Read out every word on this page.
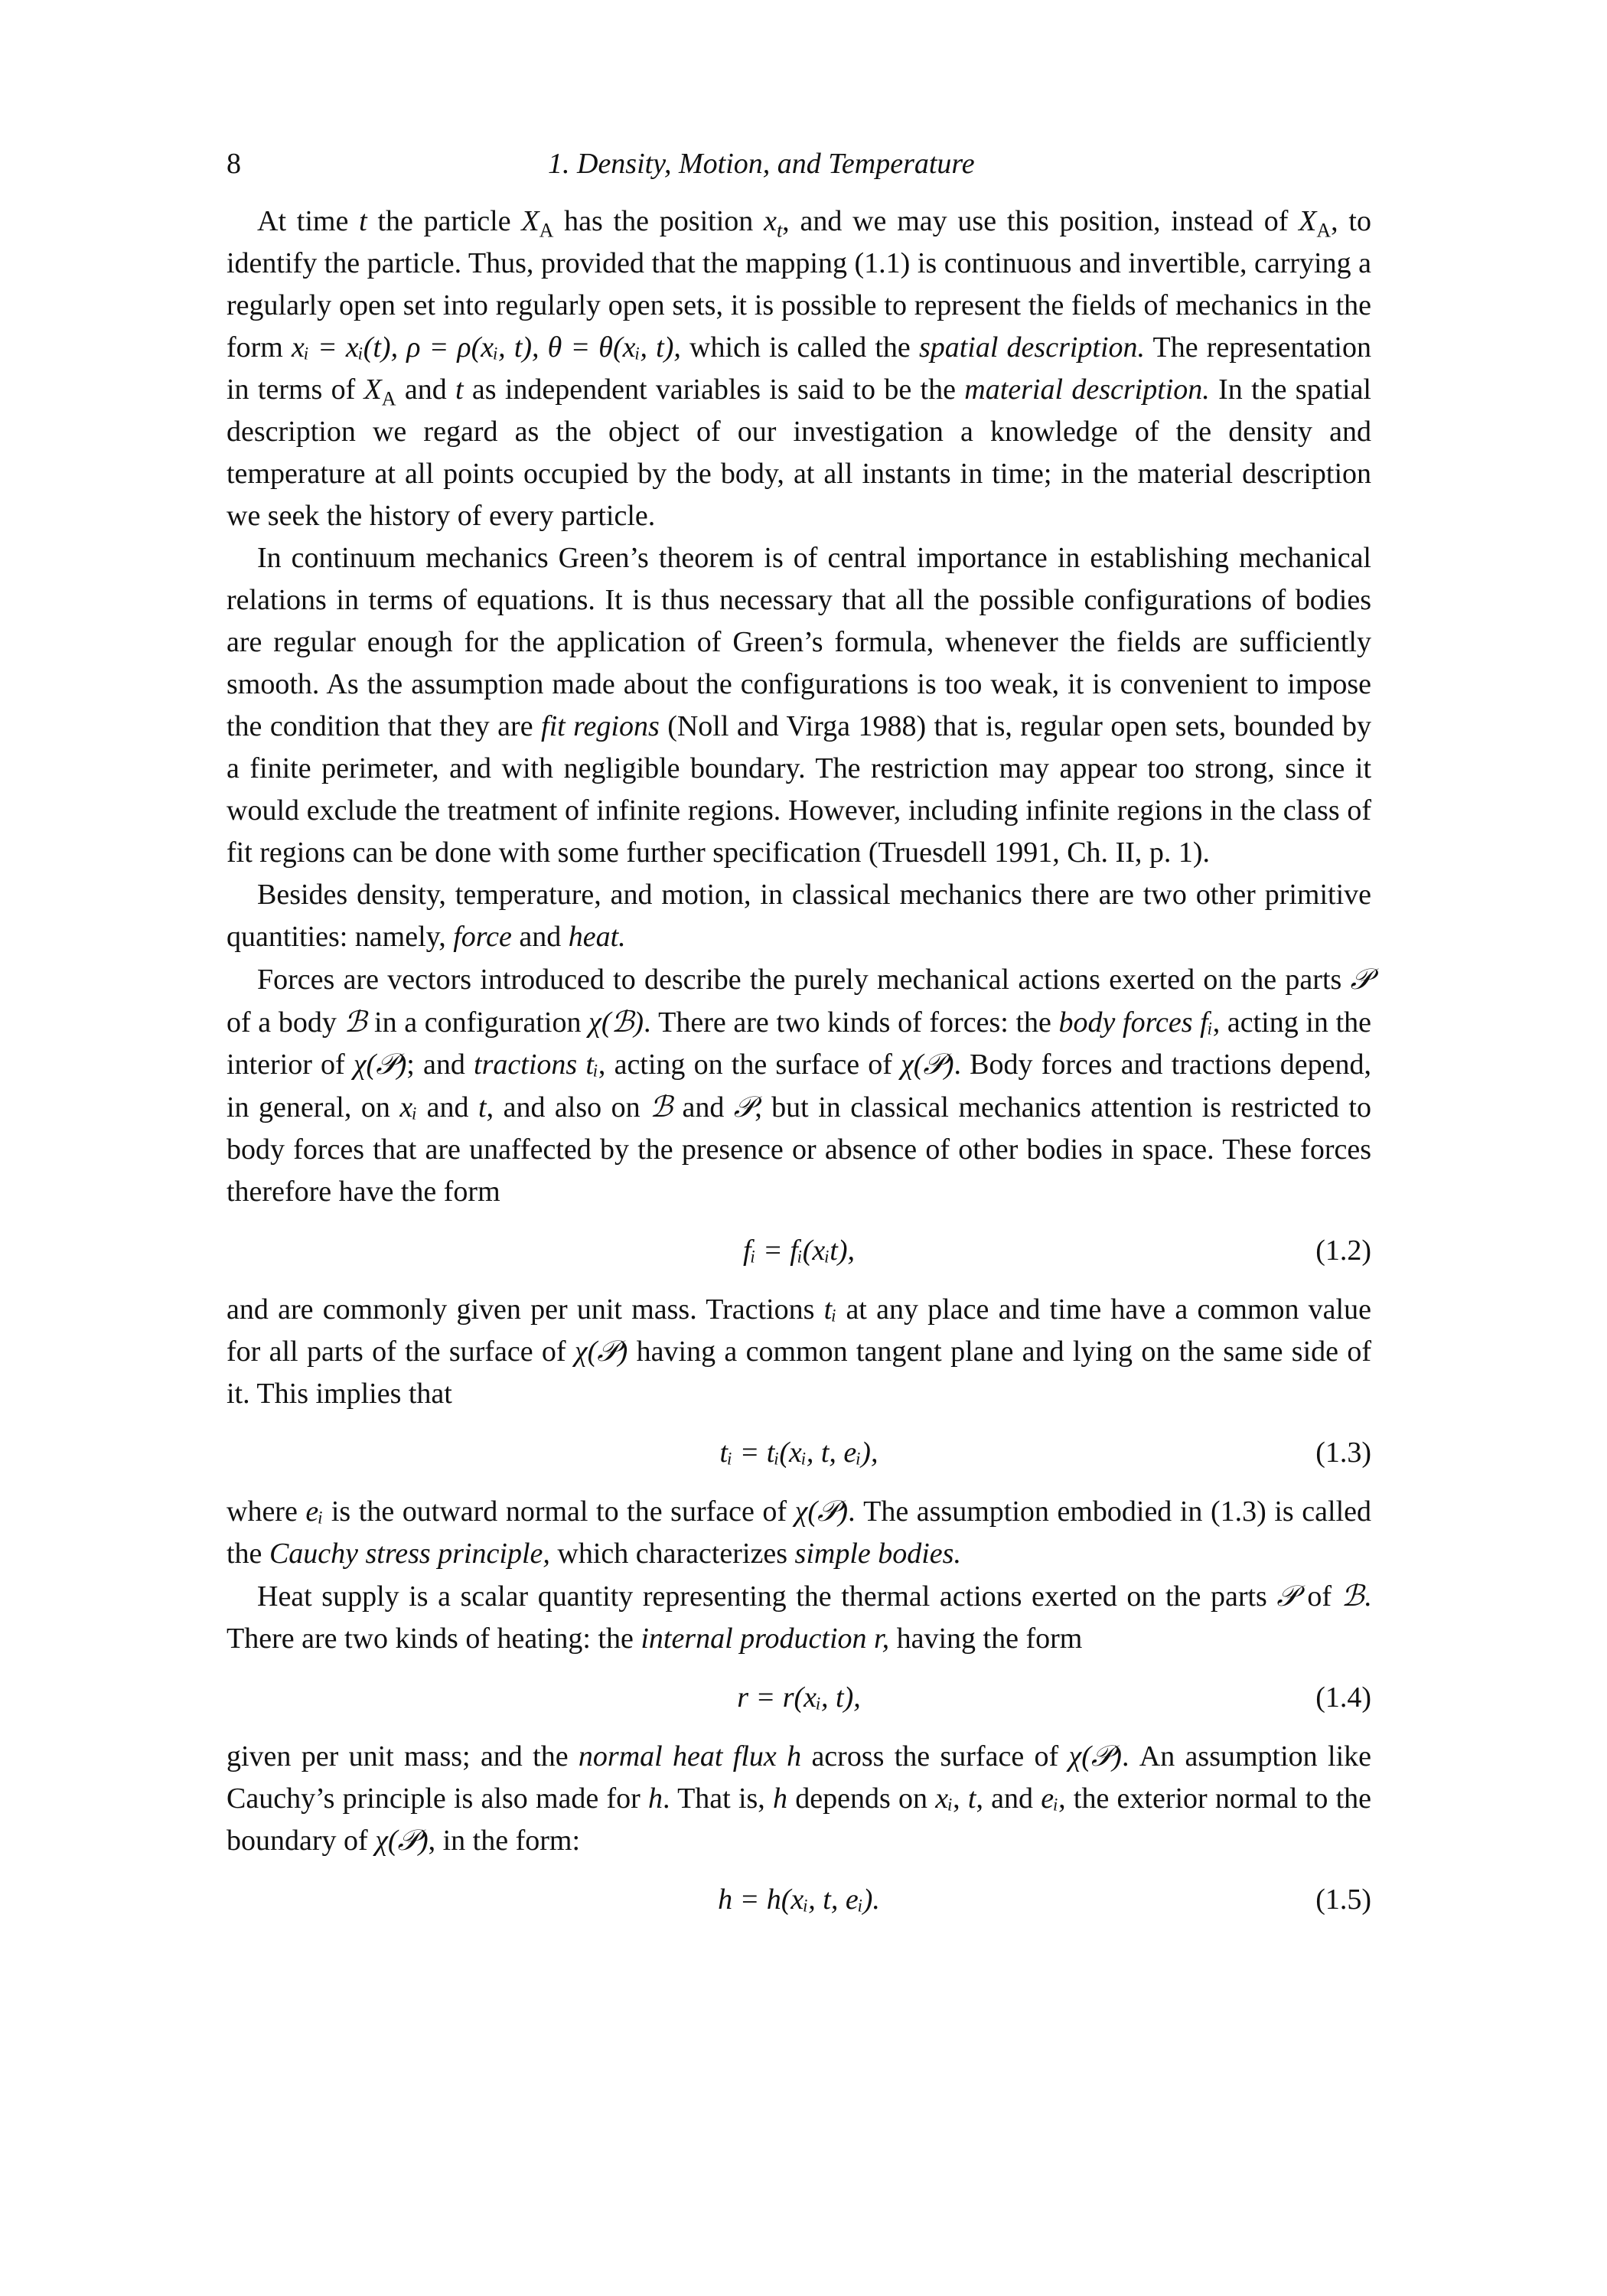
8	1. Density, Motion, and Temperature

At time t the particle $X_A$ has the position $x_t$, and we may use this position, instead of $X_A$, to identify the particle. Thus, provided that the mapping (1.1) is continuous and invertible, carrying a regularly open set into regularly open sets, it is possible to represent the fields of mechanics in the form xᵢ = xᵢ(t), ρ = ρ(xᵢ, t), θ = θ(xᵢ, t), which is called the spatial description. The representation in terms of $X_A$ and t as independent variables is said to be the material description. In the spatial description we regard as the object of our investigation a knowledge of the density and temperature at all points occupied by the body, at all instants in time; in the material description we seek the history of every particle.

In continuum mechanics Green’s theorem is of central importance in establishing mechanical relations in terms of equations. It is thus necessary that all the possible configurations of bodies are regular enough for the application of Green’s formula, whenever the fields are sufficiently smooth. As the assumption made about the configurations is too weak, it is convenient to impose the condition that they are fit regions (Noll and Virga 1988) that is, regular open sets, bounded by a finite perimeter, and with negligible boundary. The restriction may appear too strong, since it would exclude the treatment of infinite regions. However, including infinite regions in the class of fit regions can be done with some further specification (Truesdell 1991, Ch. II, p. 1).

Besides density, temperature, and motion, in classical mechanics there are two other primitive quantities: namely, force and heat.

Forces are vectors introduced to describe the purely mechanical actions exerted on the parts 𝒫 of a body ℬ in a configuration χ(ℬ). There are two kinds of forces: the body forces fᵢ, acting in the interior of χ(𝒫); and tractions tᵢ, acting on the surface of χ(𝒫). Body forces and tractions depend, in general, on xᵢ and t, and also on ℬ and 𝒫, but in classical mechanics attention is restricted to body forces that are unaffected by the presence or absence of other bodies in space. These forces therefore have the form

fᵢ = fᵢ(xᵢt),	(1.2)

and are commonly given per unit mass. Tractions tᵢ at any place and time have a common value for all parts of the surface of χ(𝒫) having a common tangent plane and lying on the same side of it. This implies that

tᵢ = tᵢ(xᵢ, t, eᵢ),	(1.3)

where eᵢ is the outward normal to the surface of χ(𝒫). The assumption embodied in (1.3) is called the Cauchy stress principle, which characterizes simple bodies.

Heat supply is a scalar quantity representing the thermal actions exerted on the parts 𝒫 of ℬ. There are two kinds of heating: the internal production r, having the form

r = r(xᵢ, t),	(1.4)

given per unit mass; and the normal heat flux h across the surface of χ(𝒫). An assumption like Cauchy’s principle is also made for h. That is, h depends on xᵢ, t, and eᵢ, the exterior normal to the boundary of χ(𝒫), in the form:

h = h(xᵢ, t, eᵢ).	(1.5)
